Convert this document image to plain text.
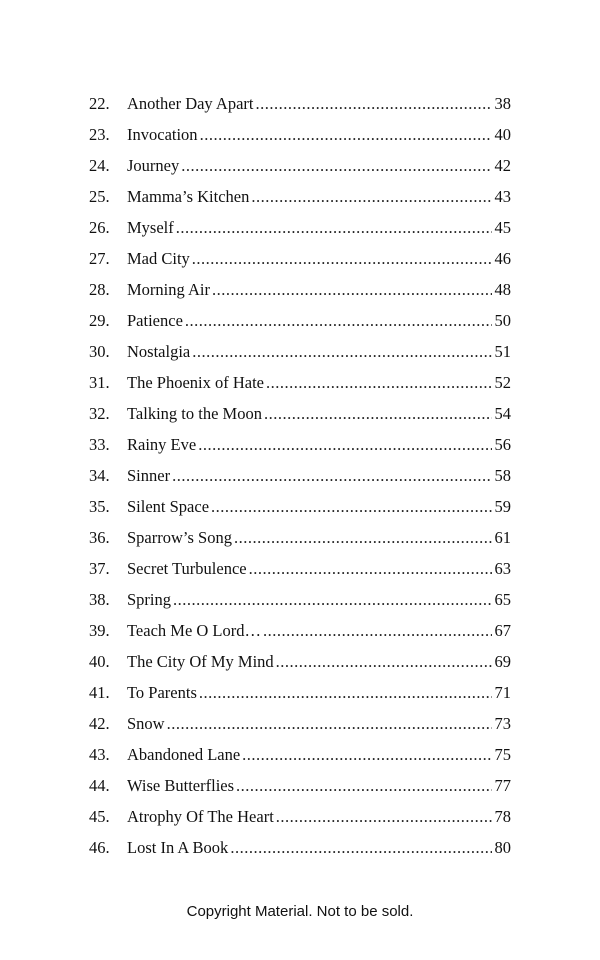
22.	Another Day Apart .....	38
23.	Invocation .....	40
24.	Journey .....	42
25.	Mamma’s Kitchen .....	43
26.	Myself .....	45
27.	Mad City .....	46
28.	Morning Air .....	48
29.	Patience .....	50
30.	Nostalgia .....	51
31.	The Phoenix of Hate .....	52
32.	Talking to the Moon .....	54
33.	Rainy Eve .....	56
34.	Sinner .....	58
35.	Silent Space .....	59
36.	Sparrow’s Song .....	61
37.	Secret Turbulence .....	63
38.	Spring .....	65
39.	Teach Me O Lord… .....	67
40.	The City Of My Mind .....	69
41.	To Parents .....	71
42.	Snow .....	73
43.	Abandoned Lane .....	75
44.	Wise Butterflies .....	77
45.	Atrophy Of The Heart .....	78
46.	Lost In A Book .....	80
Copyright Material. Not to be sold.
